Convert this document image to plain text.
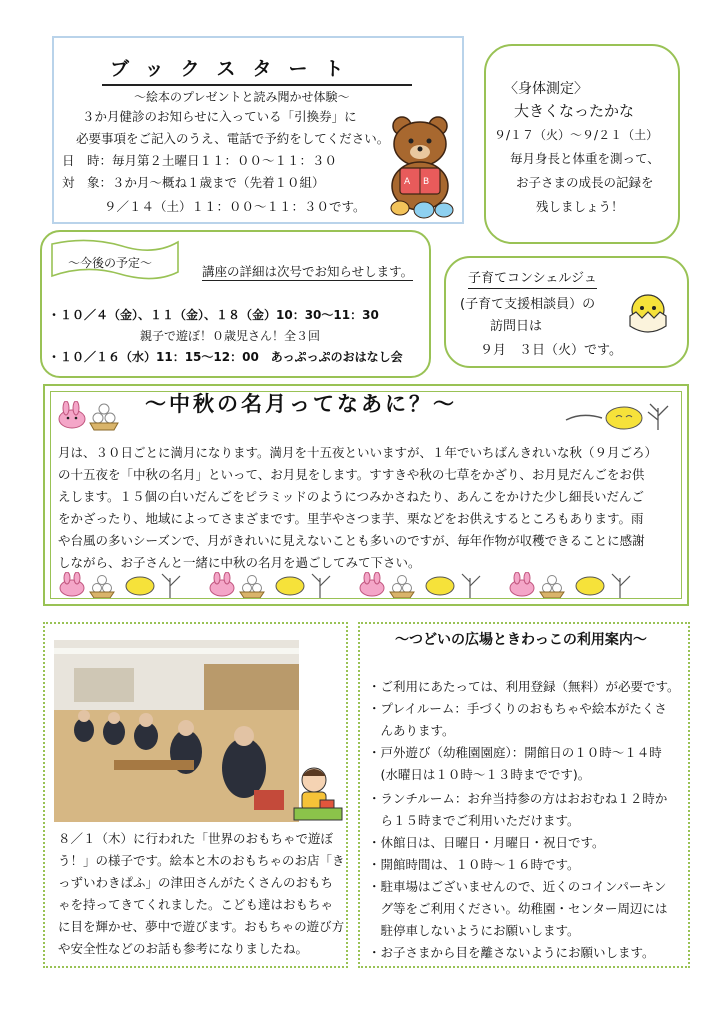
ブックスタート
～絵本のプレゼントと読み聞かせ体験～
３か月健診のお知らせに入っている「引換券」に
必要事項をご記入のうえ、電話で予約をしてください。
日　時：毎月第２土曜日１１：００～１１：３０
対　象：３か月～概ね１歳まで（先着１０組）
９／１４（土）１１：００～１１：３０です。
A B
〈身体測定〉
大きくなったかな
９/１７（火）～９/２１（土）
毎月身長と体重を測って、
お子さまの成長の記録を
残しましょう！
～今後の予定～
講座の詳細は次号でお知らせします。
・１０／４（金）、１１（金）、１８（金）10：30～11：30
親子で遊ぼ！０歳児さん！全３回
・１０／１６（水）11：15～12：00　あっぷっぷのおはなし会
子育てコンシェルジュ
(子育て支援相談員）の
訪問日は
９月　３日（火）です。
～中秋の名月ってなあに？～
月は、３０日ごとに満月になります。満月を十五夜といいますが、１年でいちばんきれいな秋（９月ごろ）
の十五夜を「中秋の名月」といって、お月見をします。すすきや秋の七草をかざり、お月見だんごをお供
えします。１５個の白いだんごをピラミッドのようにつみかさねたり、あんこをかけた少し細長いだんご
をかざったり、地域によってさまざまです。里芋やさつま芋、栗などをお供えするところもあります。雨
や台風の多いシーズンで、月がきれいに見えないことも多いのですが、毎年作物が収穫できることに感謝
しながら、お子さんと一緒に中秋の名月を過ごしてみて下さい。
８／１（木）に行われた「世界のおもちゃで遊ぼ
う！」の様子です。絵本と木のおもちゃのお店「き
っずいわきぱふ」の津田さんがたくさんのおもち
ゃを持ってきてくれました。こども達はおもちゃ
に目を輝かせ、夢中で遊びます。おもちゃの遊び方
や安全性などのお話も参考になりましたね。
～つどいの広場ときわっこの利用案内～
・ご利用にあたっては、利用登録（無料）が必要です。
・プレイルーム：手づくりのおもちゃや絵本がたくさ
　んあります。
・戸外遊び（幼稚園園庭）：開館日の１０時～１４時
　(水曜日は１０時～１３時までです)。
・ランチルーム：お弁当持参の方はおおむね１２時か
　ら１５時までご利用いただけます。
・休館日は、日曜日・月曜日・祝日です。
・開館時間は、１０時～１６時です。
・駐車場はございませんので、近くのコインパーキン
　グ等をご利用ください。幼稚園・センター周辺には
　駐停車しないようにお願いします。
・お子さまから目を離さないようにお願いします。
